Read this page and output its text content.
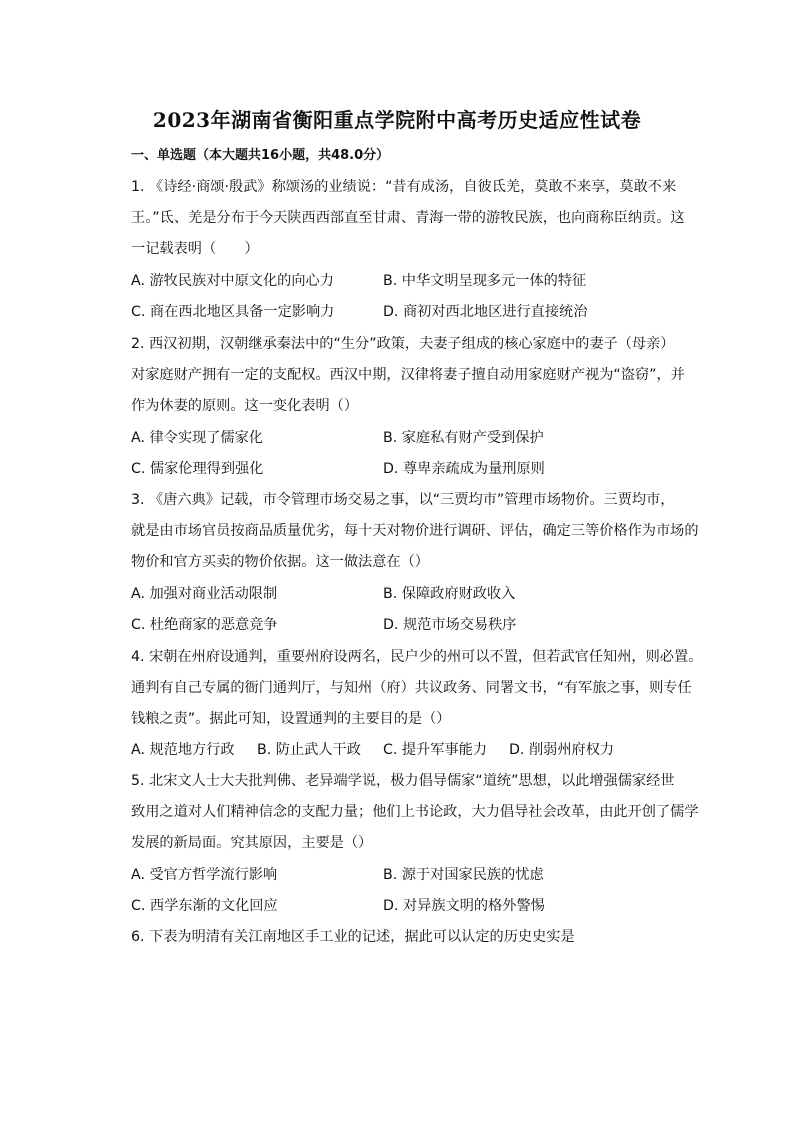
2023年湖南省衡阳重点学院附中高考历史适应性试卷
一、单选题（本大题共16小题，共48.0分）
1. 《诗经·商颂·殷武》称颂汤的业绩说：“昔有成汤，自彼氐羌，莫敢不来享，莫敢不来
王。”氐、羌是分布于今天陕西西部直至甘肃、青海一带的游牧民族，也向商称臣纳贡。这
一记载表明（　　）
A. 游牧民族对中原文化的向心力	B. 中华文明呈现多元一体的特征
C. 商在西北地区具备一定影响力	D. 商初对西北地区进行直接统治
2. 西汉初期，汉朝继承秦法中的“生分”政策，夫妻子组成的核心家庭中的妻子（母亲）
对家庭财产拥有一定的支配权。西汉中期，汉律将妻子擅自动用家庭财产视为“盗窃”，并
作为休妻的原则。这一变化表明（）
A. 律令实现了儒家化	B. 家庭私有财产受到保护
C. 儒家伦理得到强化	D. 尊卑亲疏成为量刑原则
3. 《唐六典》记载，市令管理市场交易之事，以“三贾均市”管理市场物价。三贾均市，
就是由市场官员按商品质量优劣，每十天对物价进行调研、评估，确定三等价格作为市场的
物价和官方买卖的物价依据。这一做法意在（）
A. 加强对商业活动限制	B. 保障政府财政收入
C. 杜绝商家的恶意竞争	D. 规范市场交易秩序
4. 宋朝在州府设通判，重要州府设两名，民户少的州可以不置，但若武官任知州，则必置。
通判有自己专属的衙门通判厅，与知州（府）共议政务、同署文书，“有军旅之事，则专任
钱粮之责”。据此可知，设置通判的主要目的是（）
A. 规范地方行政 B. 防止武人干政 C. 提升军事能力 D. 削弱州府权力
5. 北宋文人士大夫批判佛、老异端学说，极力倡导儒家“道统”思想，以此增强儒家经世
致用之道对人们精神信念的支配力量；他们上书论政，大力倡导社会改革，由此开创了儒学
发展的新局面。究其原因，主要是（）
A. 受官方哲学流行影响	B. 源于对国家民族的忧虑
C. 西学东渐的文化回应	D. 对异族文明的格外警惕
6. 下表为明清有关江南地区手工业的记述，据此可以认定的历史史实是
